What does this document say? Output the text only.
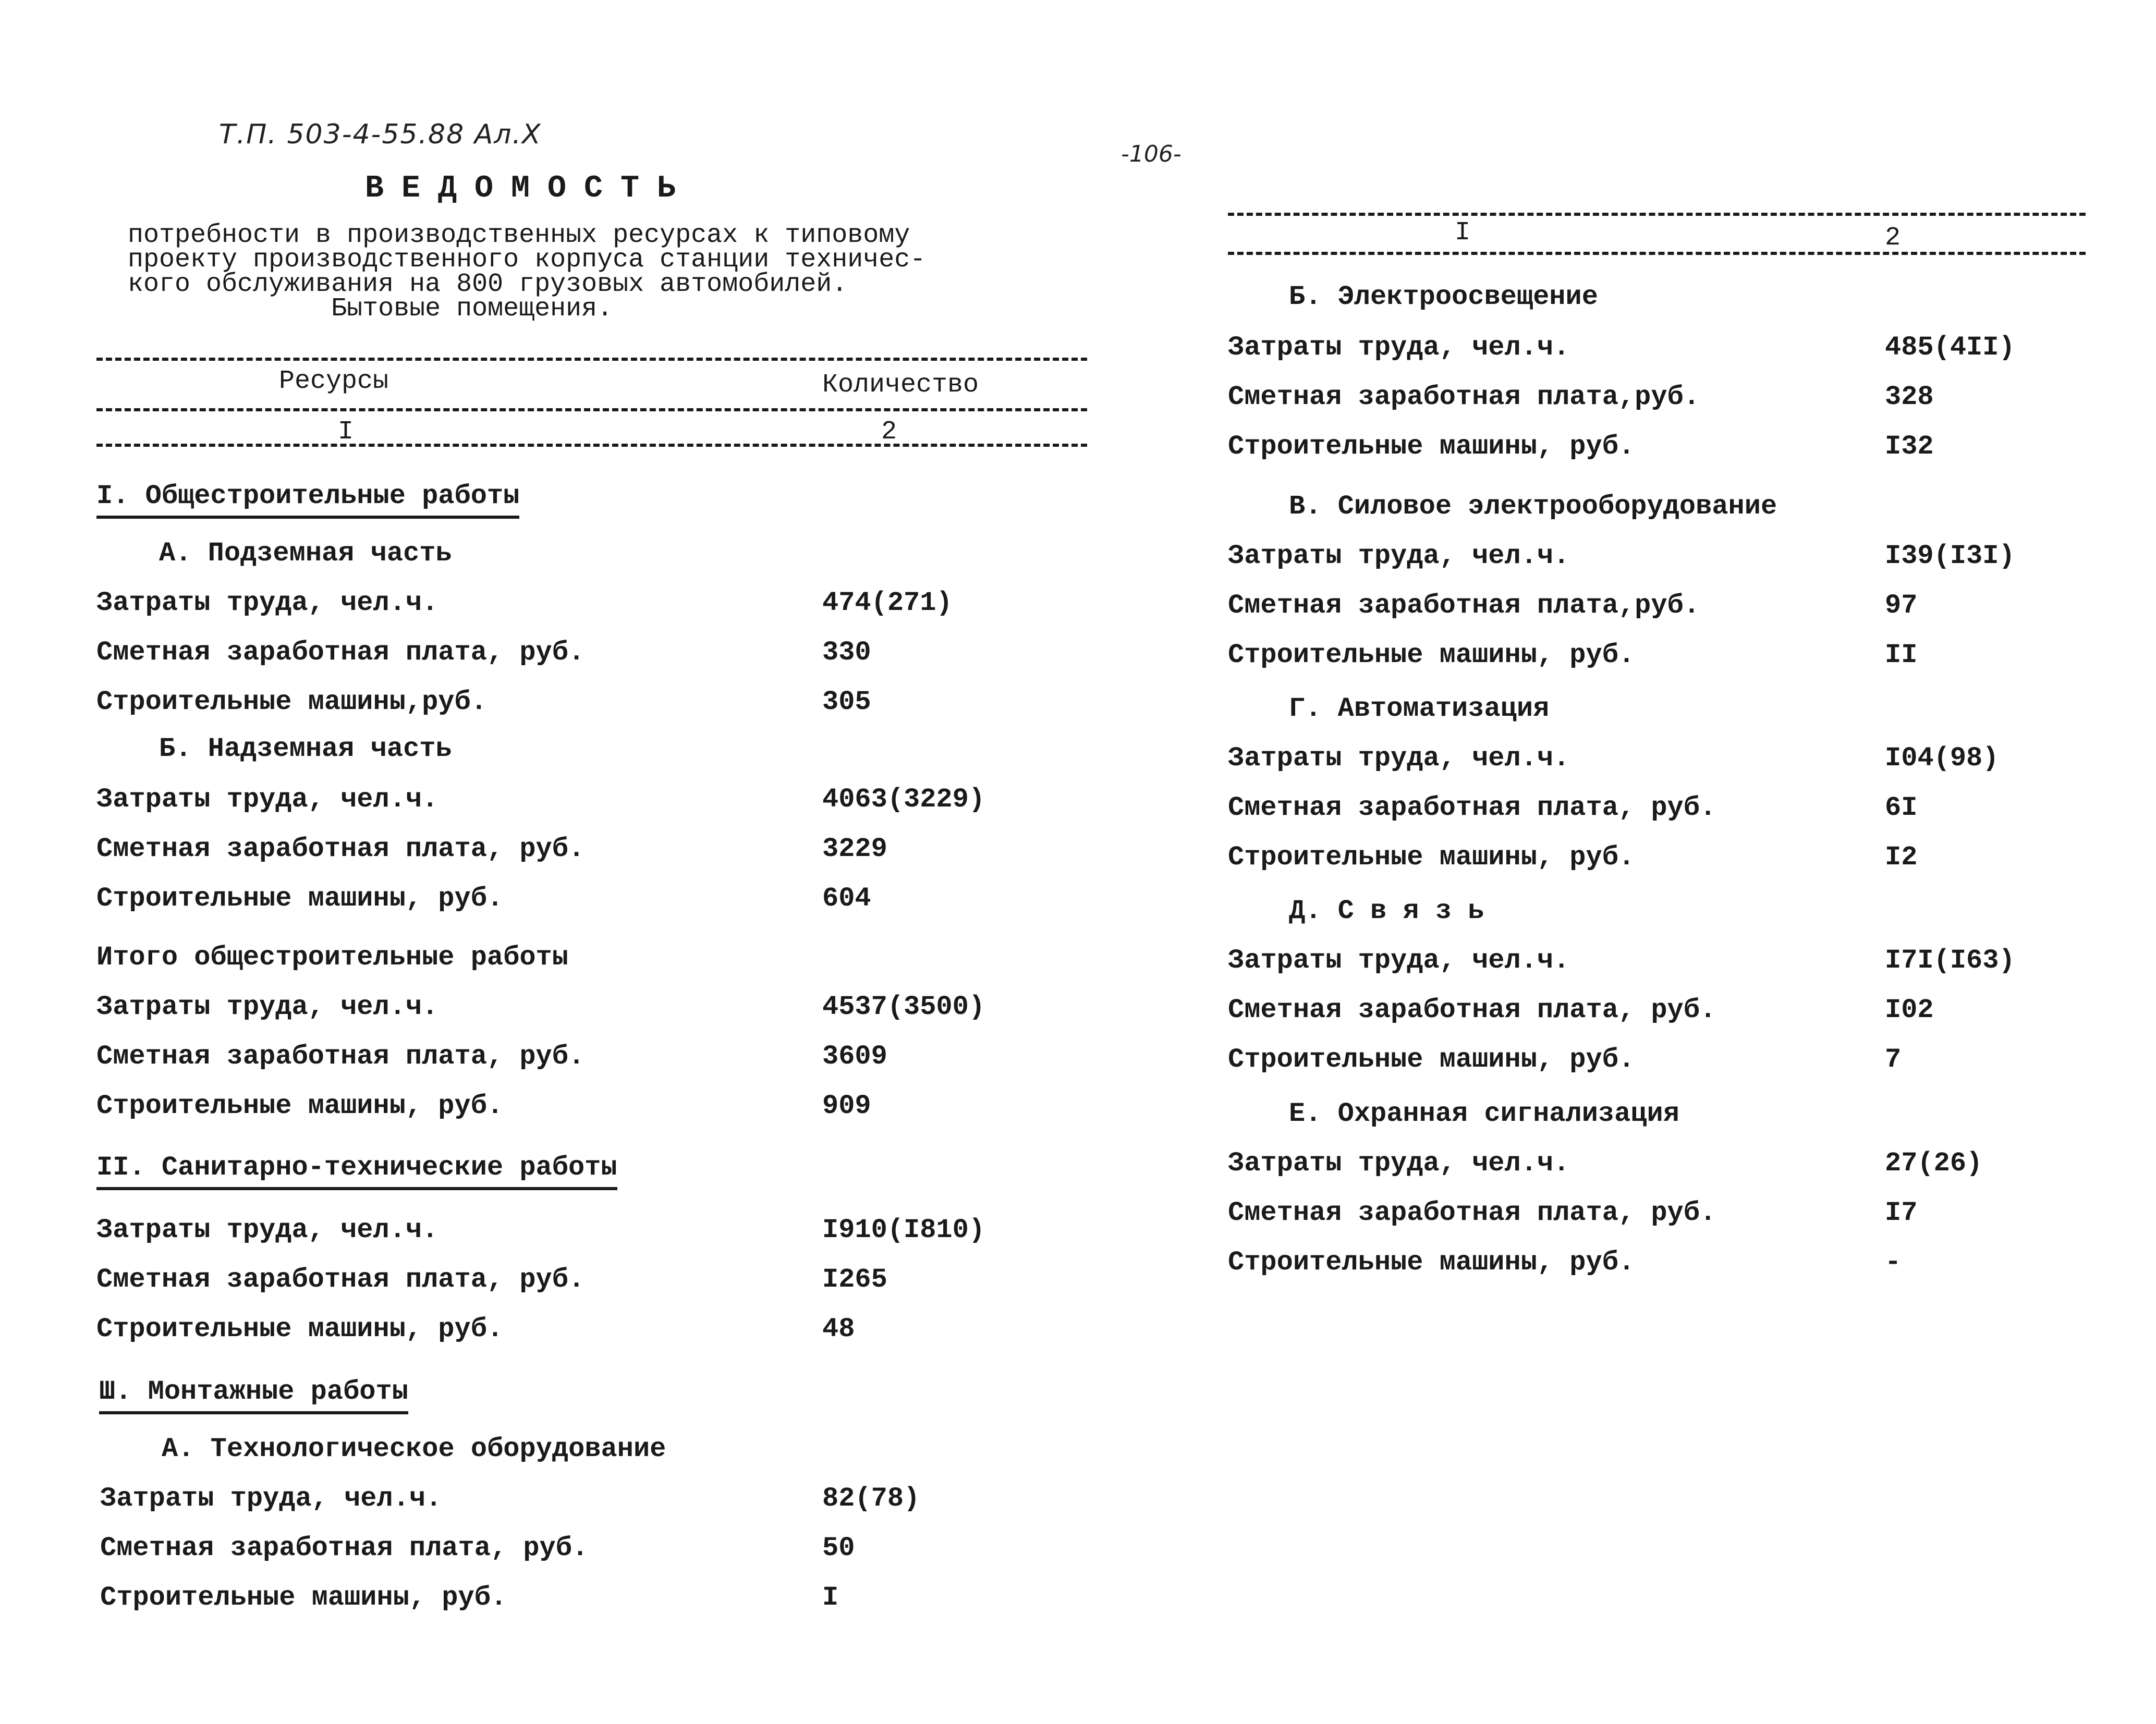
Т.П. 503-4-55.88 Ал.Х
-106-
ВЕДОМОСТЬ
потребности в производственных ресурсах к типовому
проекту производственного корпуса станции техничес-
кого обслуживания на 800 грузовых автомобилей.
Бытовые помещения.
Ресурсы	Количество
I	2
I. Общестроительные работы
А. Подземная часть
Затраты труда, чел.ч.	474(271)
Сметная заработная плата, руб.	330
Строительные машины,руб.	305
Б. Надземная часть
Затраты труда, чел.ч.	4063(3229)
Сметная заработная плата, руб.	3229
Строительные машины, руб.	604
Итого общестроительные работы
Затраты труда, чел.ч.	4537(3500)
Сметная заработная плата, руб.	3609
Строительные машины, руб.	909
II. Санитарно-технические работы
Затраты труда, чел.ч.	I910(I810)
Сметная заработная плата, руб.	I265
Строительные машины, руб.	48
Ш. Монтажные работы
А. Технологическое оборудование
Затраты труда, чел.ч.	82(78)
Сметная заработная плата, руб.	50
Строительные машины, руб.	I
I	2
Б. Электроосвещение
Затраты труда, чел.ч.	485(4II)
Сметная заработная плата,руб.	328
Строительные машины, руб.	I32
В. Силовое электрооборудование
Затраты труда, чел.ч.	I39(I3I)
Сметная заработная плата,руб.	97
Строительные машины, руб.	II
Г. Автоматизация
Затраты труда, чел.ч.	I04(98)
Сметная заработная плата, руб.	6I
Строительные машины, руб.	I2
Д. С в я з ь
Затраты труда, чел.ч.	I7I(I63)
Сметная заработная плата, руб.	I02
Строительные машины, руб.	7
Е. Охранная сигнализация
Затраты труда, чел.ч.	27(26)
Сметная заработная плата, руб.	I7
Строительные машины, руб.	-
